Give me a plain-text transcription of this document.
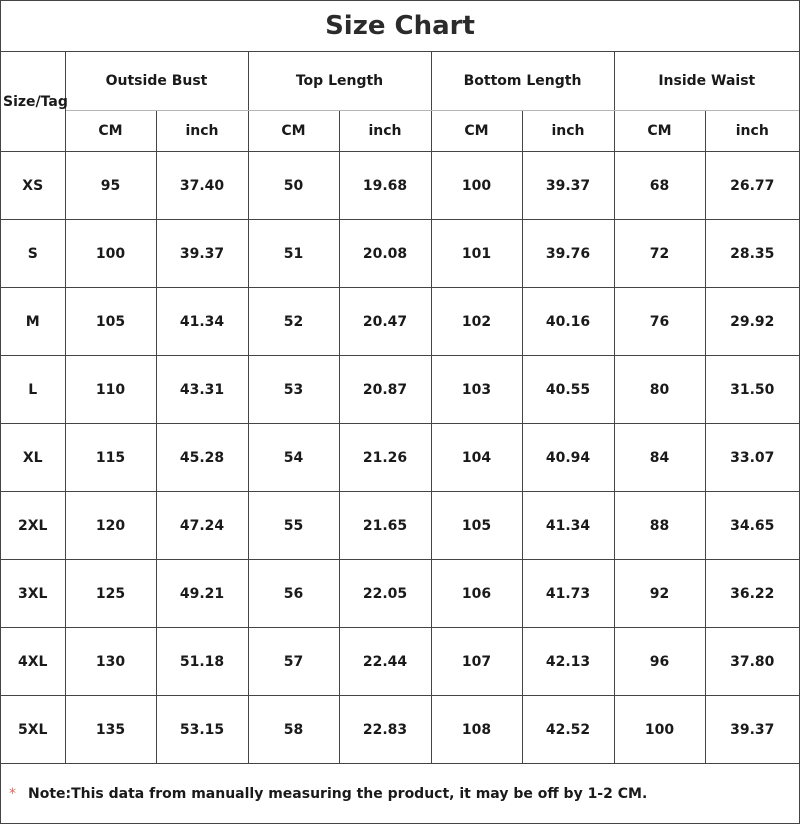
Size Chart
Size/Tag	Outside Bust		Top Length		Bottom Length		Inside Waist	
	CM	inch	CM	inch	CM	inch	CM	inch
XS	95	37.40	50	19.68	100	39.37	68	26.77
S	100	39.37	51	20.08	101	39.76	72	28.35
M	105	41.34	52	20.47	102	40.16	76	29.92
L	110	43.31	53	20.87	103	40.55	80	31.50
XL	115	45.28	54	21.26	104	40.94	84	33.07
2XL	120	47.24	55	21.65	105	41.34	88	34.65
3XL	125	49.21	56	22.05	106	41.73	92	36.22
4XL	130	51.18	57	22.44	107	42.13	96	37.80
5XL	135	53.15	58	22.83	108	42.52	100	39.37
* Note:This data from manually measuring the product, it may be off by 1-2 CM.
